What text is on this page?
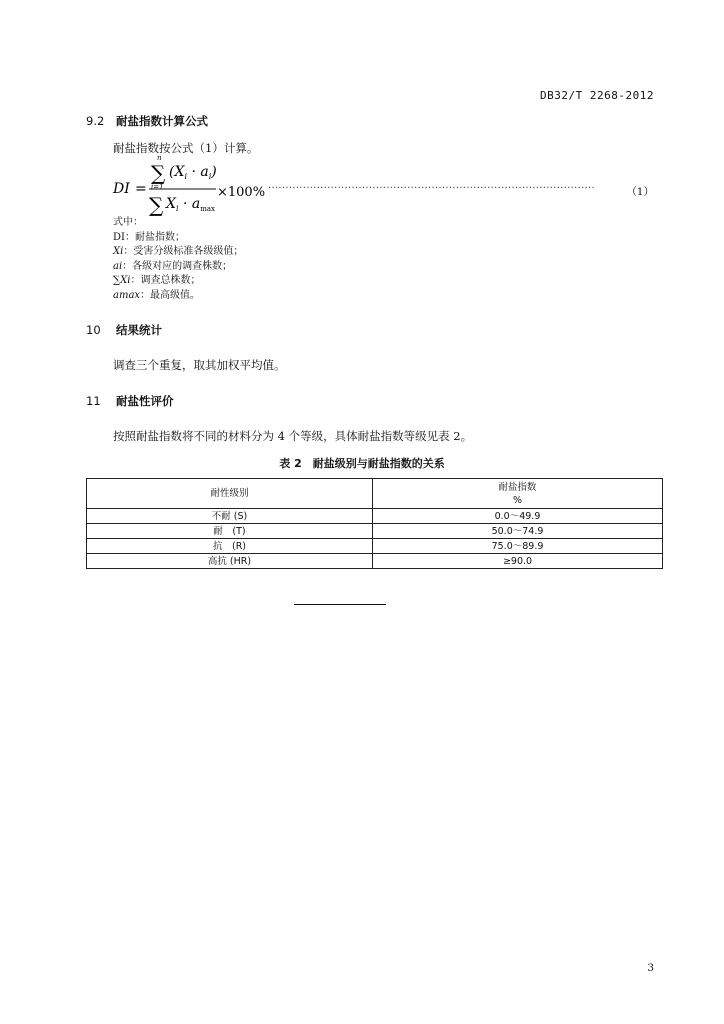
DB32/T 2268-2012
9.2 耐盐指数计算公式
耐盐指数按公式（1）计算。
∑
n
i=1
$(X_i \cdot a_i)$
DI =
∑ $X_i \cdot a_{max}$
×100% ······························································································	（1）
式中：
DI：耐盐指数；
Xi：受害分级标准各级级值；
ai：各级对应的调查株数；
∑Xi：调查总株数；
amax：最高级值。
10 结果统计
调查三个重复，取其加权平均值。
11 耐盐性评价
按照耐盐指数将不同的材料分为 4 个等级，具体耐盐指数等级见表 2。
表 2　耐盐级别与耐盐指数的关系
耐性级别	耐盐指数
%

不耐 (S)	0.0～49.9
耐　(T)	50.0～74.9
抗　(R)	75.0～89.9
高抗 (HR)	≥90.0
3
